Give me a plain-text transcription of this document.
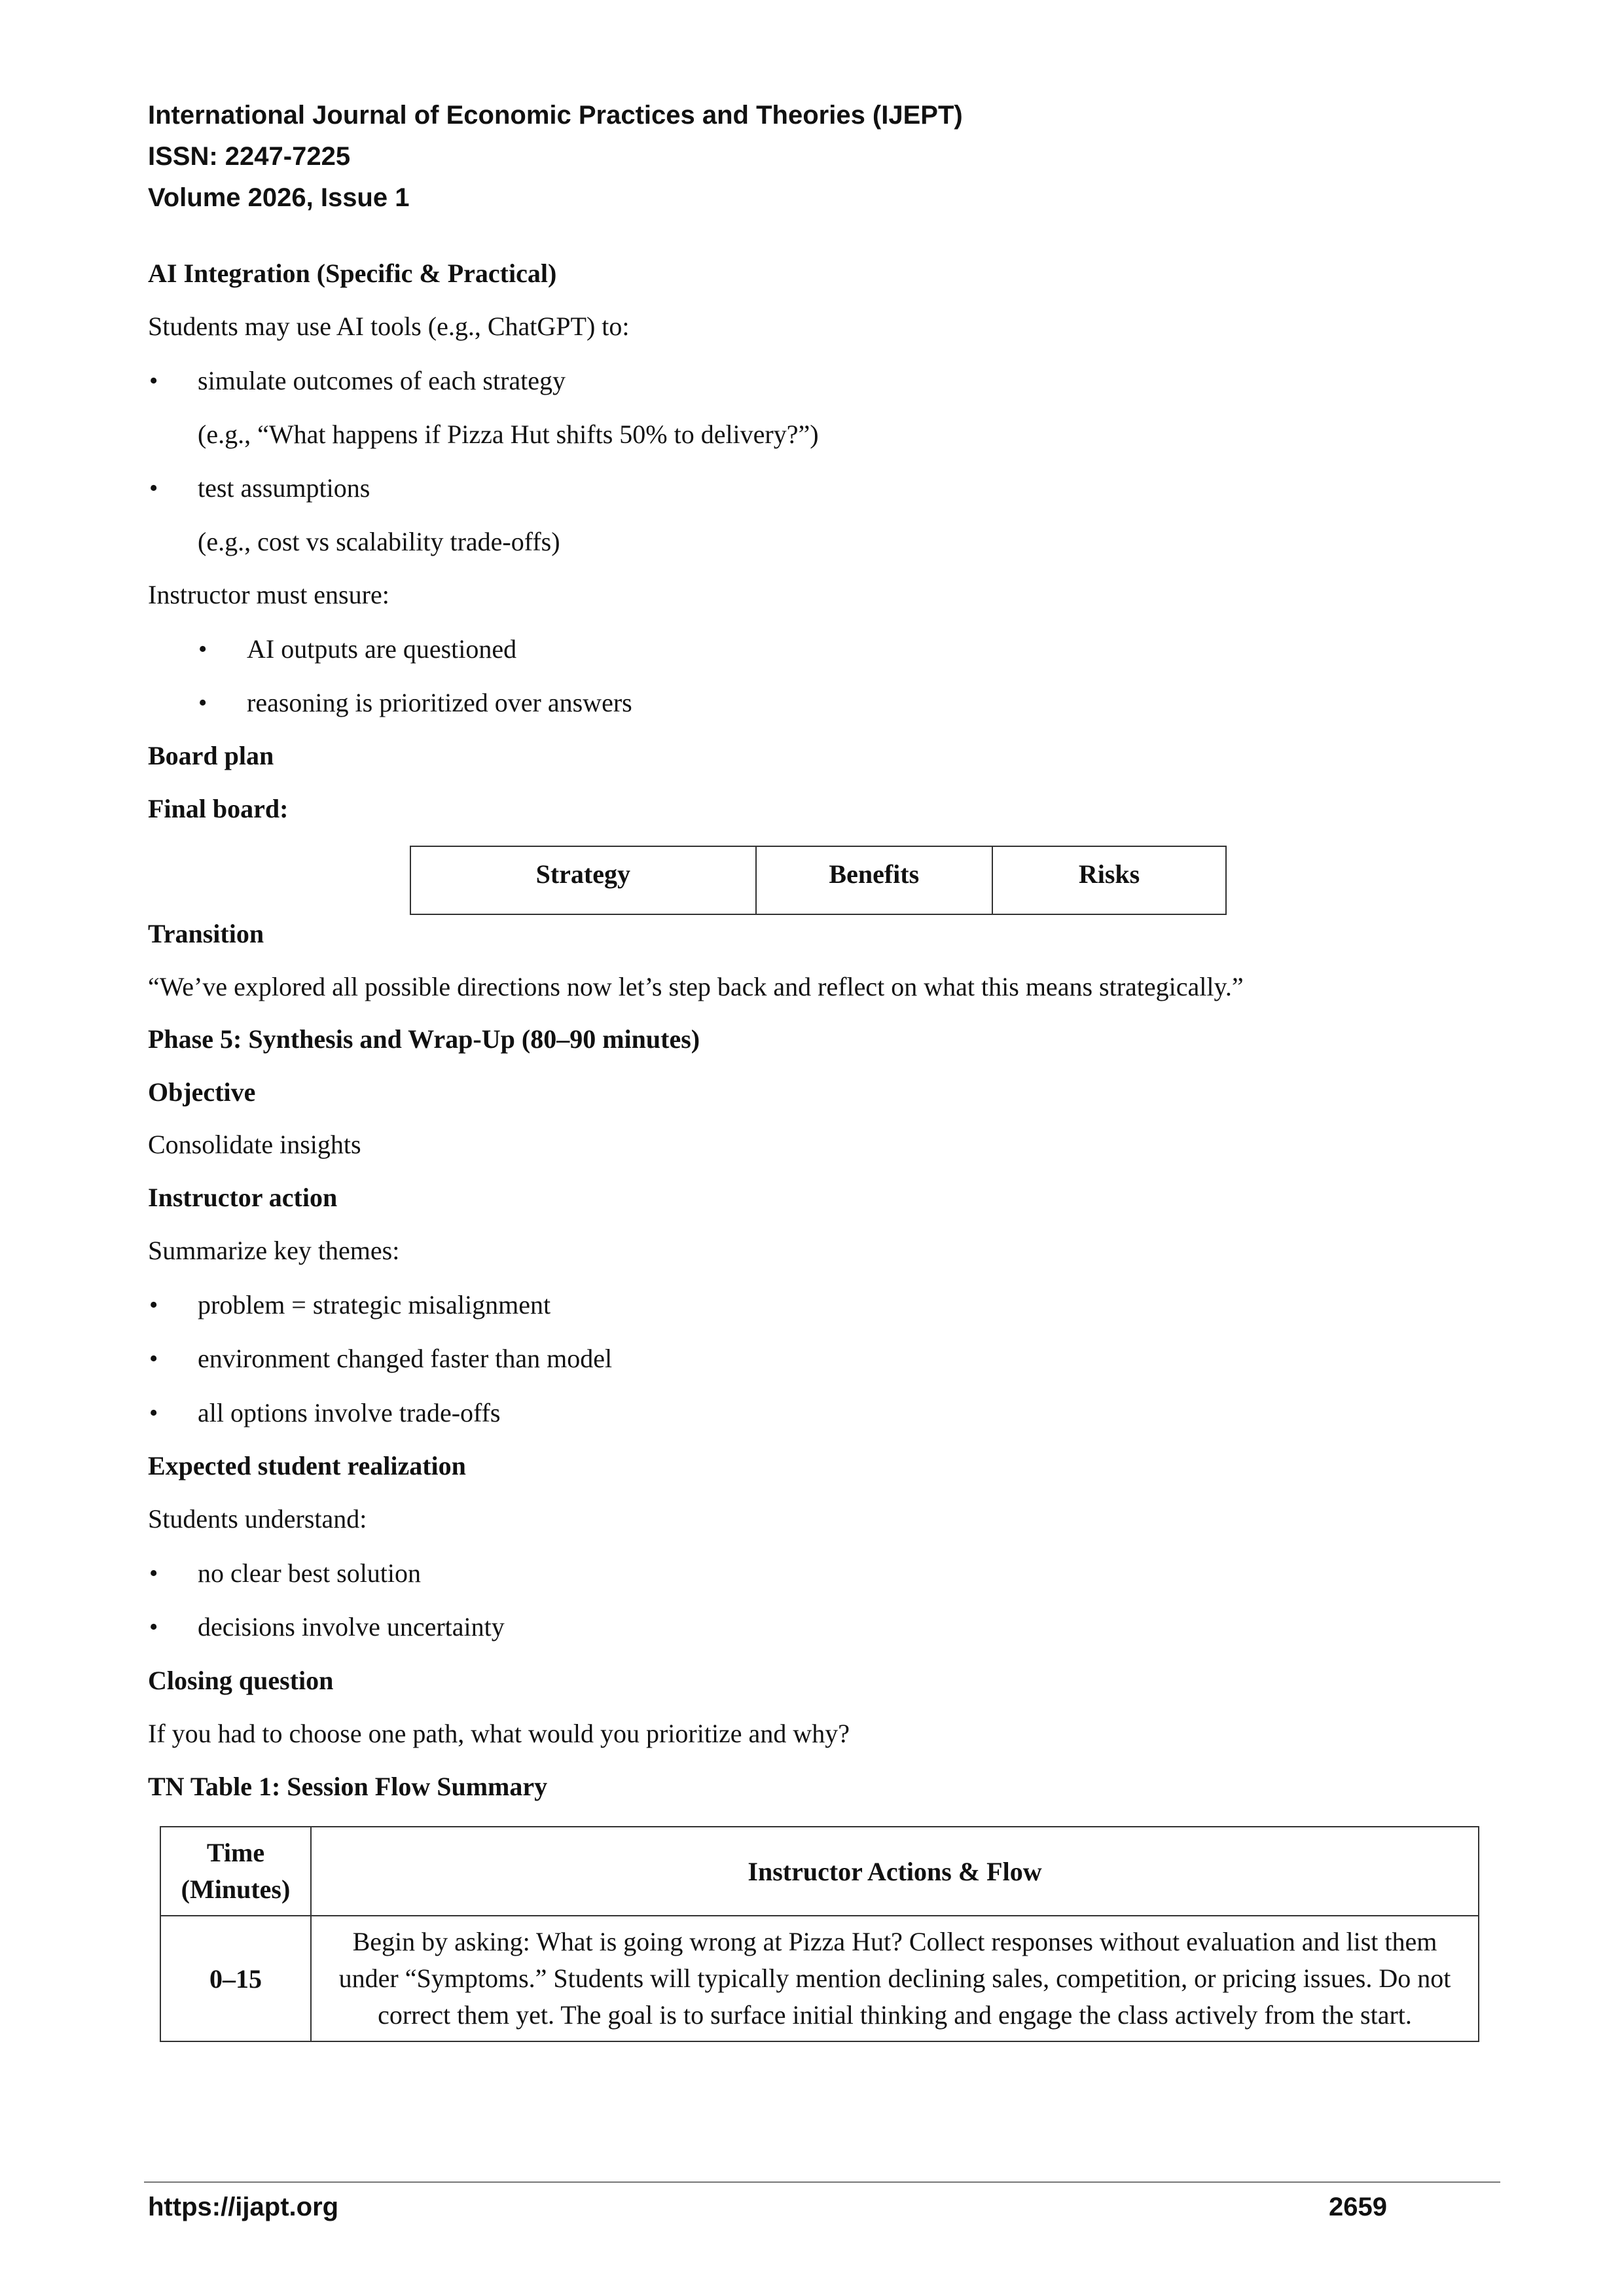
International Journal of Economic Practices and Theories (IJEPT)
ISSN: 2247-7225
Volume 2026, Issue 1
AI Integration (Specific & Practical)
Students may use AI tools (e.g., ChatGPT) to:
• simulate outcomes of each strategy
(e.g., “What happens if Pizza Hut shifts 50% to delivery?”)
• test assumptions
(e.g., cost vs scalability trade-offs)
Instructor must ensure:
• AI outputs are questioned
• reasoning is prioritized over answers
Board plan
Final board:
Strategy	Benefits	Risks
Transition
“We’ve explored all possible directions now let’s step back and reflect on what this means strategically.”
Phase 5: Synthesis and Wrap-Up (80–90 minutes)
Objective
Consolidate insights
Instructor action
Summarize key themes:
• problem = strategic misalignment
• environment changed faster than model
• all options involve trade-offs
Expected student realization
Students understand:
• no clear best solution
• decisions involve uncertainty
Closing question
If you had to choose one path, what would you prioritize and why?
TN Table 1: Session Flow Summary
Time (Minutes)	Instructor Actions & Flow
0–15	Begin by asking: What is going wrong at Pizza Hut? Collect responses without evaluation and list them under “Symptoms.” Students will typically mention declining sales, competition, or pricing issues. Do not correct them yet. The goal is to surface initial thinking and engage the class actively from the start.
https://ijapt.org	2659
